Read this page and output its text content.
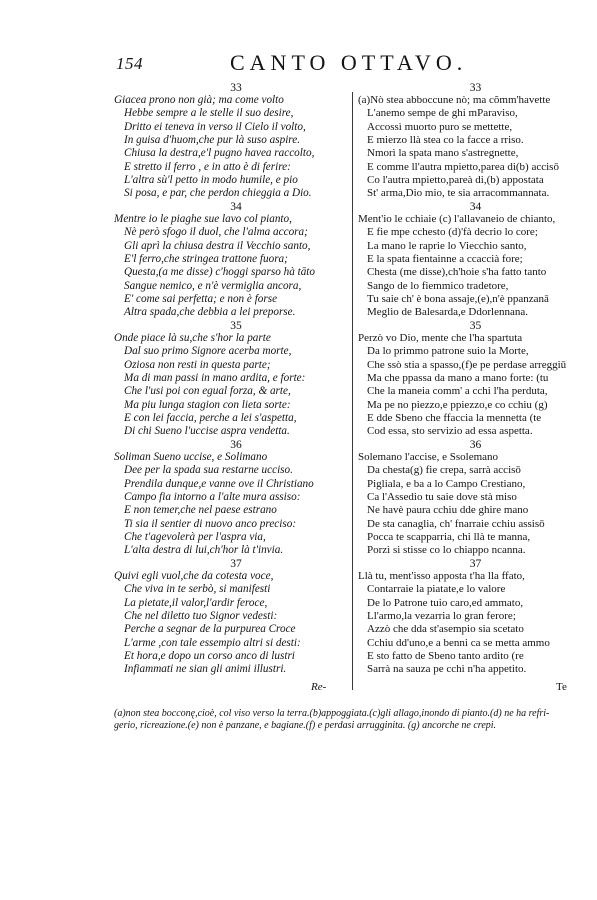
154	CANTO OTTAVO.
33
Giacea prono non già; ma come volto
Hebbe sempre a le stelle il suo desire,
Dritto ei teneva in verso il Cielo il volto,
In guisa d'huom,che pur là suso aspire.
Chiusa la destra,e'l pugno havea raccolto,
E stretto il ferro , e in atto è di ferire:
L'altra sù'l petto in modo humile, e pio
Si posa, e par, che perdon chieggia a Dio.
34
Mentre io le piaghe sue lavo col pianto,
Nè però sfogo il duol, che l'alma accora;
Gli aprì la chiusa destra il Vecchio santo,
E'l ferro,che stringea trattone fuora;
Questa,(a me disse) c'hoggi sparso hà tāto
Sangue nemico, e n'è vermiglia ancora,
E' come sai perfetta; e non è forse
Altra spada,che debbia a lei preporse.
35
Onde piace là su,che s'hor la parte
Dal suo primo Signore acerba morte,
Oziosa non resti in questa parte;
Ma di man passi in mano ardita, e forte:
Che l'usi poi con egual forza, & arte,
Ma piu lunga stagion con lieta sorte:
E con lei faccia, perche a lei s'aspetta,
Di chi Sueno l'uccise aspra vendetta.
36
Soliman Sueno uccise, e Solimano
Dee per la spada sua restarne ucciso.
Prendila dunque,e vanne ove il Christiano
Campo fia intorno a l'alte mura assiso:
E non temer,che nel paese estrano
Ti sia il sentier di nuovo anco preciso:
Che t'agevolerà per l'aspra via,
L'alta destra di lui,ch'hor là t'invia.
37
Quivi egli vuol,che da cotesta voce,
Che viva in te serbò, si manifesti
La pietate,il valor,l'ardir feroce,
Che nel diletto tuo Signor vedesti:
Perche a segnar de la purpurea Croce
L'arme ,con tale essempio altri si desti:
Et hora,e dopo un corso anco di lustri
Infiammati ne sian gli animi illustri.
33
(a)Nò stea abboccune nò; ma cõmm'havette
L'anemo sempe de ghi mParaviso,
Accossì muorto puro se mettette,
E mierzo llà stea co la facce a rriso.
Nmorì la spata mano s'astregnette,
E comme ll'autra mpietto,parea di(b) accisō
Co l'autra mpietto,pareà di,(b) appostata
St' arma,Dio mio, te sia arracommannata.
34
Ment'io le cchiaie (c) l'allavaneio de chianto,
E fie mpe cchesto (d)'fà decrio lo core;
La mano le raprie lo Viecchio santo,
E la spata fientainne a ccaccià fore;
Chesta (me disse),ch'hoie s'ha fatto tanto
Sango de lo fiemmico tradetore,
Tu saie ch' è bona assaje,(e),n'è ppanzanā
Meglio de Balesarda,e Ddorlennana.
35
Perzò vo Dio, mente che l'ha spartuta
Da lo primmo patrone suio la Morte,
Che ssò stia a spasso,(f)e pe perdase arreggiū
Ma che ppassa da mano a mano forte: (tu
Che la maneia comm' a cchi l'ha perduta,
Ma pe no piezzo,e ppiezzo,e co cchiu (g)
E dde Sbeno che ffaccia la mennetta (te
Cod essa, sto servizio ad essa aspetta.
36
Solemano l'accise, e Ssolemano
Da chesta(g) fie crepa, sarrà accisō
Pigliala, e ba a lo Campo Crestiano,
Ca l'Assedio tu saie dove stà miso
Ne havè paura cchiu dde ghire mano
De sta canaglia, ch' fnarraie cchiu assisō
Pocca te scapparria, chi llà te manna,
Porzì si stisse co lo chiappo ncanna.
37
Llà tu, ment'isso apposta t'ha lla ffato,
Contarraie la piatate,e lo valore
De lo Patrone tuio caro,ed ammato,
Ll'armo,la vezarria lo gran ferore;
Azzò che dda st'asempio sia scetato
Cchiu dd'uno,e a benni ca se metta ammo
E sto fatto de Sbeno tanto ardito (re
Sarrà na sauza pe cchi n'ha appetito.
Re-	Te
(a)non stea bocconę,cioè, col viso verso la terra.(b)appoggiata.(c)gli allago,inondo di pianto.(d) ne ha refri-
gerio, ricreazione.(e) non è panzane, e bagiane.(f) e perdasi arrugginita. (g) ancorche ne crepi.
